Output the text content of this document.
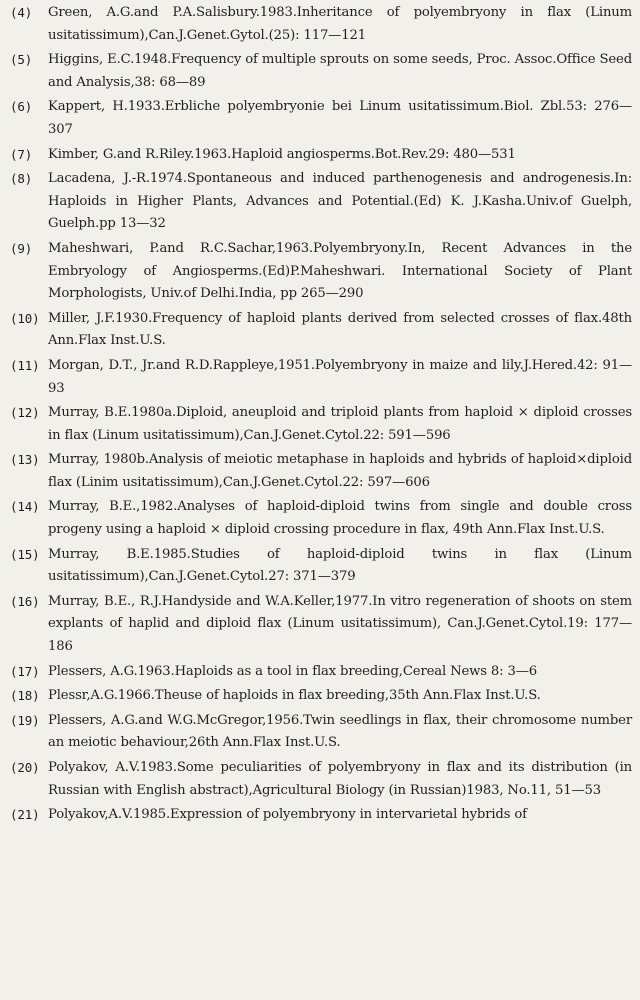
(4)	Green, A.G.and P.A.Salisbury.1983.Inheritance of polyembryony in flax (Linum usitatissimum),Can.J.Genet.Gytol.(25): 117—121
(5)	Higgins, E.C.1948.Frequency of multiple sprouts on some seeds, Proc. Assoc.Office Seed and Analysis,38: 68—89
(6)	Kappert, H.1933.Erbliche polyembryonie bei Linum usitatissimum.Biol. Zbl.53: 276—307
(7)	Kimber, G.and R.Riley.1963.Haploid angiosperms.Bot.Rev.29: 480—531
(8)	Lacadena, J.-R.1974.Spontaneous and induced parthenogenesis and androgenesis.In: Haploids in Higher Plants, Advances and Potential.(Ed) K. J.Kasha.Univ.of Guelph, Guelph.pp 13—32
(9)	Maheshwari, P.and R.C.Sachar,1963.Polyembryony.In, Recent Advances in the Embryology of Angiosperms.(Ed)P.Maheshwari. International Society of Plant Morphologists, Univ.of Delhi.India, pp 265—290
(10) Miller, J.F.1930.Frequency of haploid plants derived from selected crosses of flax.48th Ann.Flax Inst.U.S.
(11) Morgan, D.T., Jr.and R.D.Rappleye,1951.Polyembryony in maize and lily.J.Hered.42: 91—93
(12) Murray, B.E.1980a.Diploid, aneuploid and triploid plants from haploid × diploid crosses in flax (Linum usitatissimum),Can.J.Genet.Cytol.22: 591—596
(13) Murray, 1980b.Analysis of meiotic metaphase in haploids and hybrids of haploid×diploid flax (Linim usitatissimum),Can.J.Genet.Cytol.22: 597—606
(14) Murray, B.E.,1982.Analyses of haploid-diploid twins from single and double cross progeny using a haploid × diploid crossing procedure in flax, 49th Ann.Flax Inst.U.S.
(15) Murray, B.E.1985.Studies of haploid-diploid twins in flax (Linum usitatissimum),Can.J.Genet.Cytol.27: 371—379
(16) Murray, B.E., R.J.Handyside and W.A.Keller,1977.In vitro regeneration of shoots on stem explants of haplid and diploid flax (Linum usitatissimum), Can.J.Genet.Cytol.19: 177—186
(17) Plessers, A.G.1963.Haploids as a tool in flax breeding,Cereal News 8: 3—6
(18) Plessr,A.G.1966.Theuse of haploids in flax breeding,35th Ann.Flax Inst.U.S.
(19) Plessers, A.G.and W.G.McGregor,1956.Twin seedlings in flax, their chromosome number an meiotic behaviour,26th Ann.Flax Inst.U.S.
(20) Polyakov, A.V.1983.Some peculiarities of polyembryony in flax and its distribution (in Russian with English abstract),Agricultural Biology (in Russian)1983, No.11, 51—53
(21) Polyakov,A.V.1985.Expression of polyembryony in intervarietal hybrids of
